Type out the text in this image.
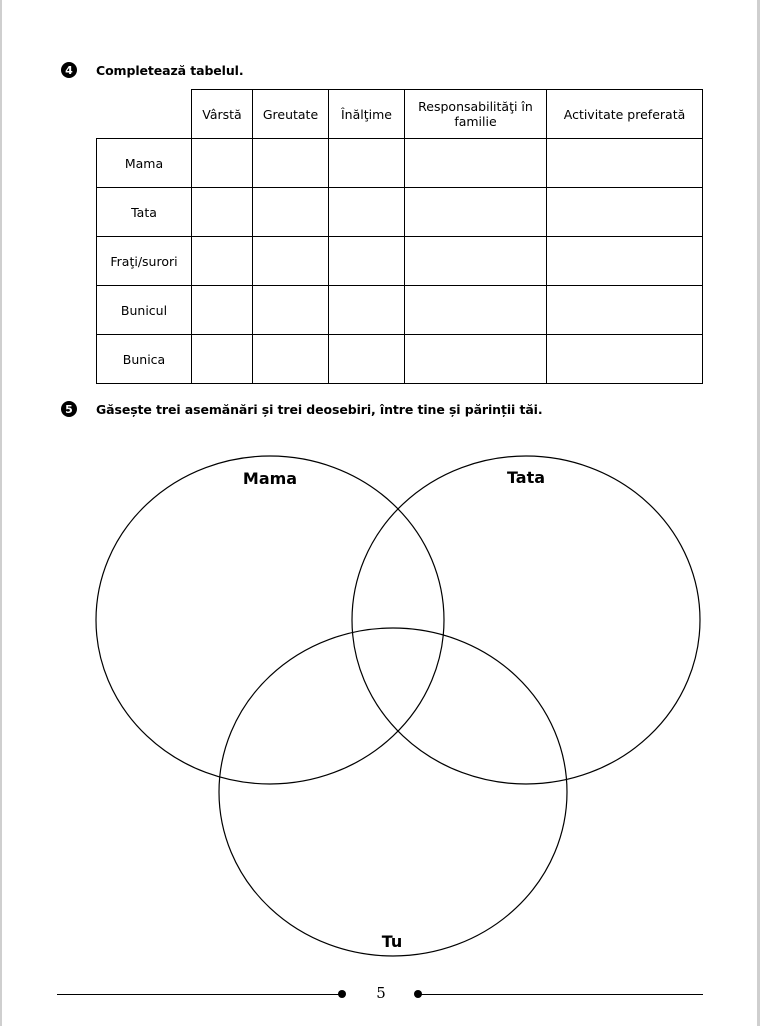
4	Completează tabelul.
	Vârstă	Greutate	Înălţime	Responsabilităţi în familie	Activitate preferată
Mama					
Tata					
Fraţi/surori					
Bunicul					
Bunica					
5	Găsește trei asemănări și trei deosebiri, între tine și părinții tăi.
Mama	Tata
Tu
5
